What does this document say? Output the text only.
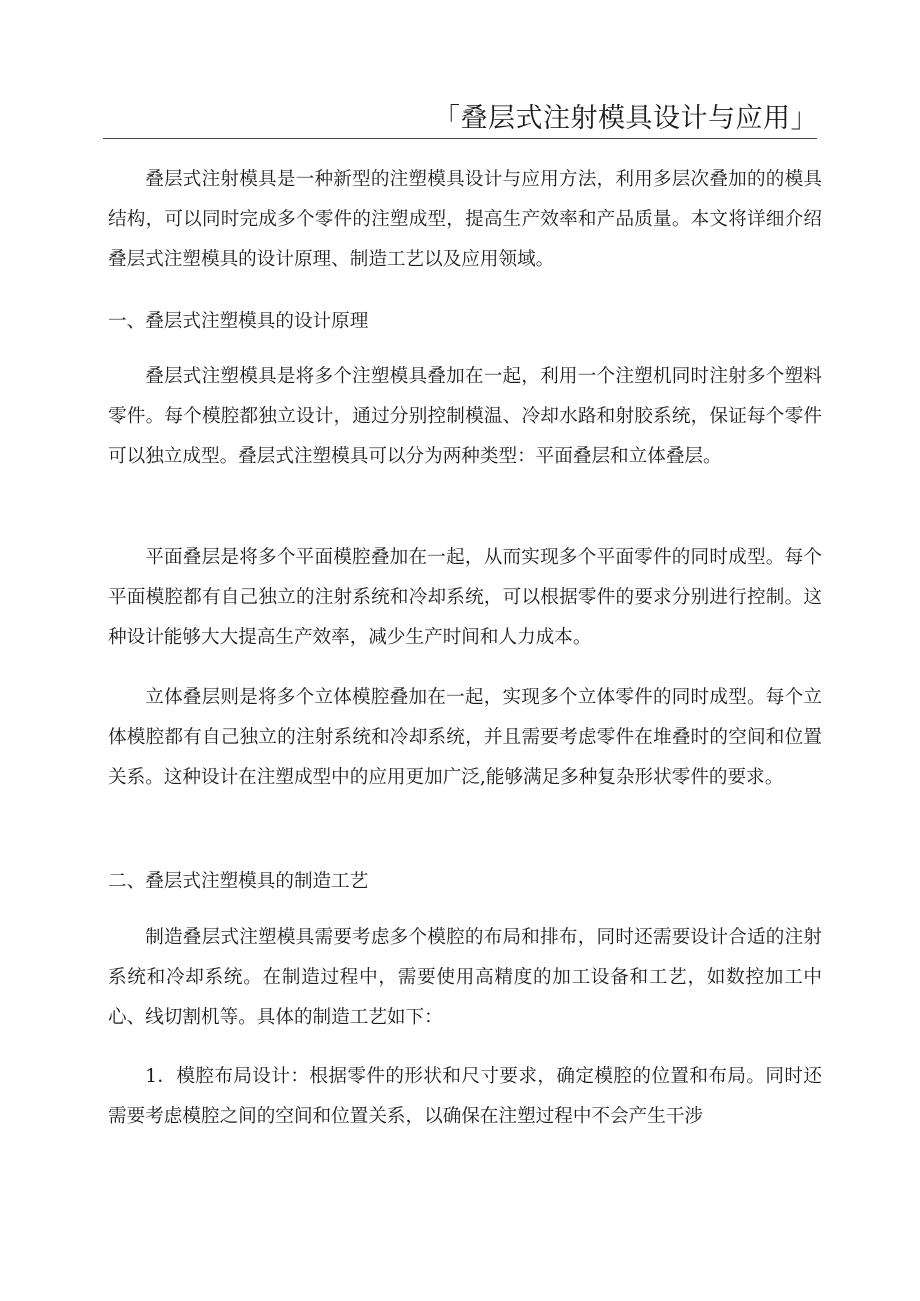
「叠层式注射模具设计与应用」

叠层式注射模具是一种新型的注塑模具设计与应用方法，利用多层次叠加的的模具结构，可以同时完成多个零件的注塑成型，提高生产效率和产品质量。本文将详细介绍叠层式注塑模具的设计原理、制造工艺以及应用领域。

一、叠层式注塑模具的设计原理

叠层式注塑模具是将多个注塑模具叠加在一起，利用一个注塑机同时注射多个塑料零件。每个模腔都独立设计，通过分别控制模温、冷却水路和射胶系统，保证每个零件可以独立成型。叠层式注塑模具可以分为两种类型：平面叠层和立体叠层。

平面叠层是将多个平面模腔叠加在一起，从而实现多个平面零件的同时成型。每个平面模腔都有自己独立的注射系统和冷却系统，可以根据零件的要求分别进行控制。这种设计能够大大提高生产效率，减少生产时间和人力成本。

立体叠层则是将多个立体模腔叠加在一起，实现多个立体零件的同时成型。每个立体模腔都有自己独立的注射系统和冷却系统，并且需要考虑零件在堆叠时的空间和位置关系。这种设计在注塑成型中的应用更加广泛,能够满足多种复杂形状零件的要求。

二、叠层式注塑模具的制造工艺

制造叠层式注塑模具需要考虑多个模腔的布局和排布，同时还需要设计合适的注射系统和冷却系统。在制造过程中，需要使用高精度的加工设备和工艺，如数控加工中心、线切割机等。具体的制造工艺如下：

1．模腔布局设计：根据零件的形状和尺寸要求，确定模腔的位置和布局。同时还需要考虑模腔之间的空间和位置关系，以确保在注塑过程中不会产生干涉
